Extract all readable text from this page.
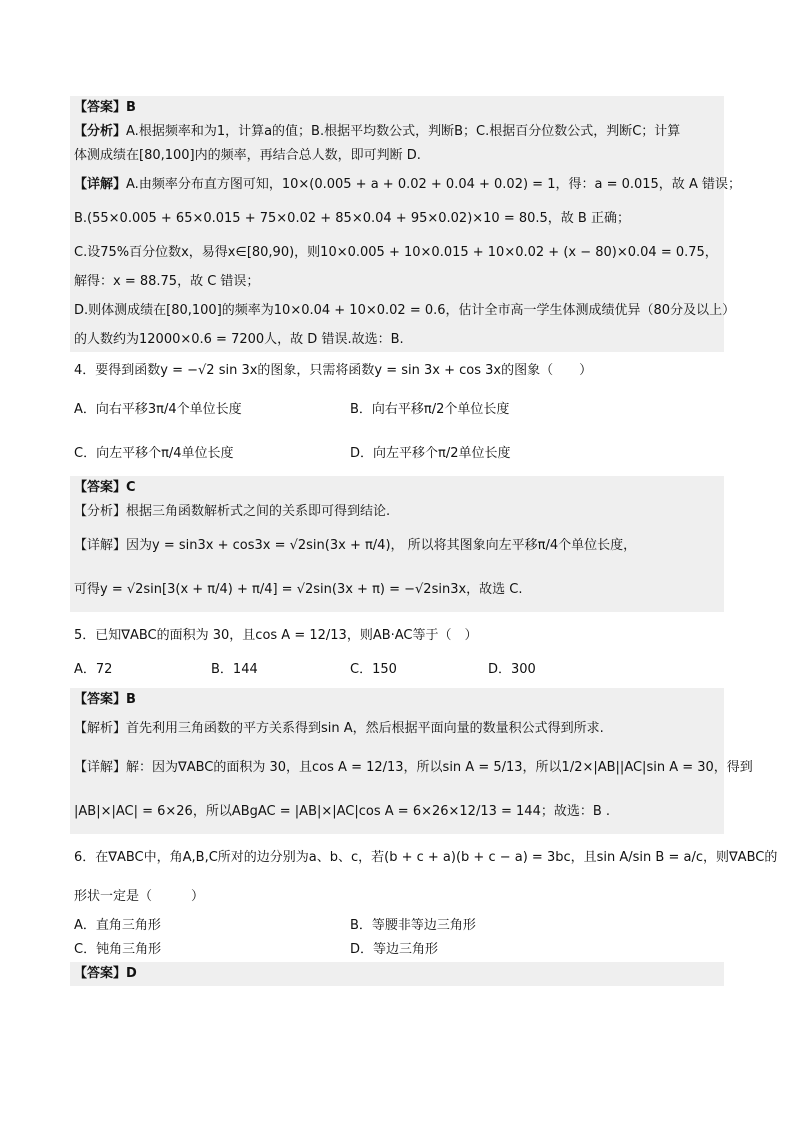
【答案】B
【分析】A.根据频率和为1，计算a的值；B.根据平均数公式，判断B；C.根据百分位数公式，判断C；计算
体测成绩在[80,100]内的频率，再结合总人数，即可判断 D.
【详解】A.由频率分布直方图可知，10×(0.005 + a + 0.02 + 0.04 + 0.02) = 1，得：a = 0.015，故 A 错误；
B.(55×0.005 + 65×0.015 + 75×0.02 + 85×0.04 + 95×0.02)×10 = 80.5，故 B 正确；
C.设75%百分位数x，易得x∈[80,90)，则10×0.005 + 10×0.015 + 10×0.02 + (x − 80)×0.04 = 0.75，
解得：x = 88.75，故 C 错误；
D.则体测成绩在[80,100]的频率为10×0.04 + 10×0.02 = 0.6，估计全市高一学生体测成绩优异（80分及以上）
的人数约为12000×0.6 = 7200人，故 D 错误.故选：B.
4．要得到函数y = −√2 sin 3x的图象，只需将函数y = sin 3x + cos 3x的图象（　　）
A．向右平移3π/4个单位长度	B．向右平移π/2个单位长度
C．向左平移个π/4单位长度	D．向左平移个π/2单位长度
【答案】C
【分析】根据三角函数解析式之间的关系即可得到结论.
【详解】因为y = sin3x + cos3x = √2sin(3x + π/4)， 所以将其图象向左平移π/4个单位长度，
可得y = √2sin[3(x + π/4) + π/4] = √2sin(3x + π) = −√2sin3x，故选 C.
5．已知∇ABC的面积为 30，且cos A = 12/13，则AB·AC等于（　）
A．72	B．144	C．150	D．300
【答案】B
【解析】首先利用三角函数的平方关系得到sin A，然后根据平面向量的数量积公式得到所求.
【详解】解：因为∇ABC的面积为 30，且cos A = 12/13，所以sin A = 5/13，所以1/2×|AB||AC|sin A = 30，得到
|AB|×|AC| = 6×26，所以ABgAC = |AB|×|AC|cos A = 6×26×12/13 = 144；故选：B .
6．在∇ABC中，角A,B,C所对的边分别为a、b、c，若(b + c + a)(b + c − a) = 3bc，且sin A/sin B = a/c，则∇ABC的
形状一定是（　　　）
A．直角三角形	B．等腰非等边三角形
C．钝角三角形	D．等边三角形
【答案】D
